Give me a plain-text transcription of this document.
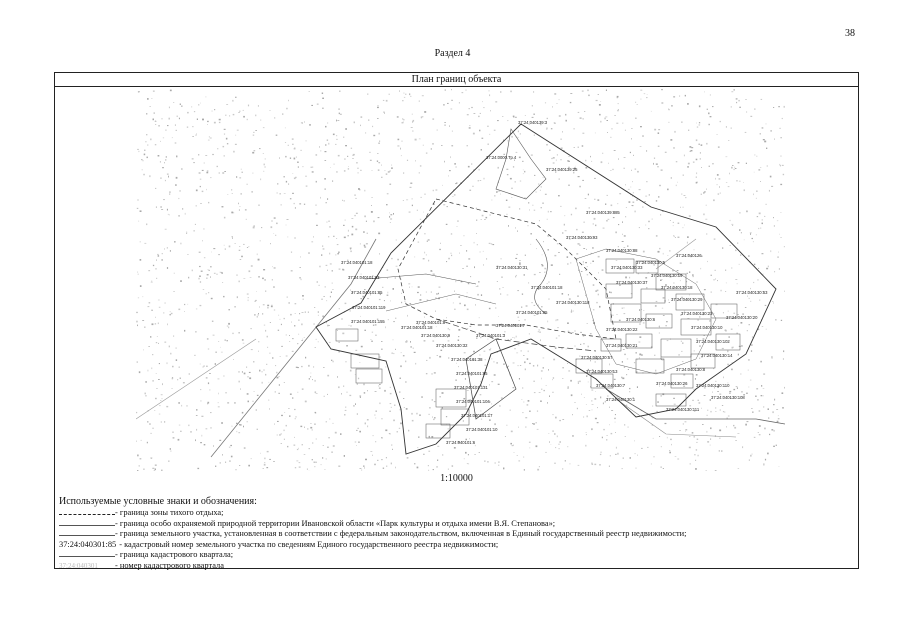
38
Раздел 4
План границ объекта
37:24:0000.Тр.4
37:24:040139:3
37:24:040139:25
37:24:040139:885
37:24:040130:88
37:24:040126
37:24:040101:18
37:24:040101:83
37:24:040101:85
37:24:040101:119
37:24:040101:155
37:24:040101:18
37:24:040101:8
37:24:040101:7
37:24:040101:85
37:24:040101:3
37:24:040101:38
37:24:040101:65
37:24:040101:131
37:24:040101:104
37:24:040101:17
37:24:040101:10
37:24:040101:6
37:24:040101:18
37:24:040130:93
37:24:040130:33
37:24:040130:37
37:24:040130:5
37:24:040130:19
37:24:040130:18
37:24:040130:29
37:24:040130:23
37:24:040130:10
37:24:040130:102
37:24:040130:14
37:24:040130:8
37:24:040130:26
37:24:040130:6
37:24:040130:22
37:24:040130:21
37:24:040130:57
37:24:040130:13
37:24:040130:7
37:24:040130:1
37:24:040130:110
37:24:040130:108
37:24:040130:111
37:24:040130:118
37:24:040130:31
37:24:040130:32
37:24:040130:9
37:24:040130:20
37:24:040130:53
1:10000
Используемые условные знаки и обозначения:
- граница зоны тихого отдыха;
- граница особо охраняемой природной территории Ивановской области «Парк культуры и отдыха имени В.Я. Степанова»;
- граница земельного участка, установленная в соответствии с федеральным законодательством, включенная в Единый государственный реестр недвижимости;
37:24:040301:85 - кадастровый номер земельного участка по сведениям Единого государственного реестра недвижимости;
- граница кадастрового квартала;
37:24:040301	- номер кадастрового квартала
